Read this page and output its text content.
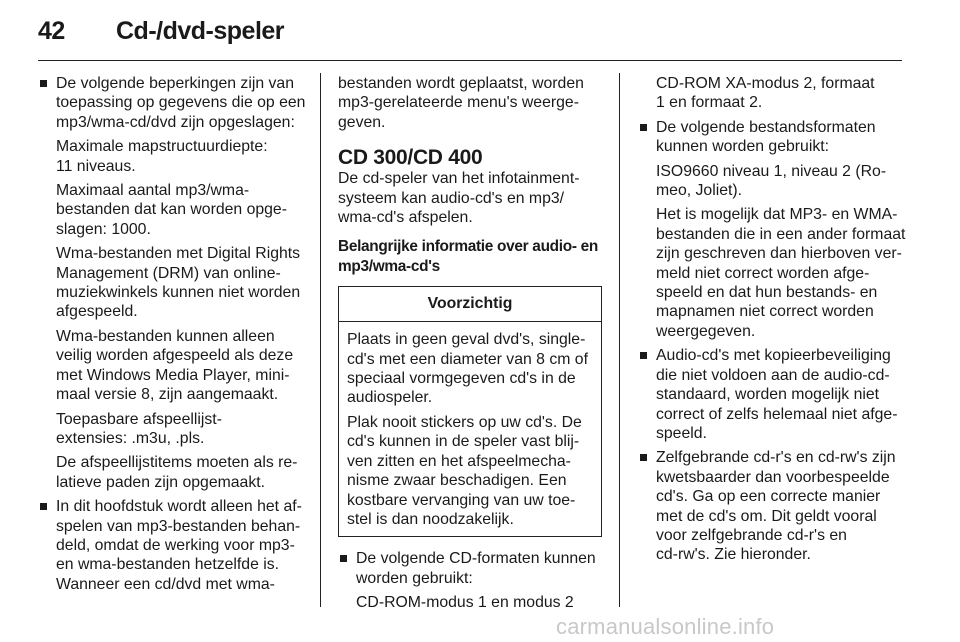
42 Cd-/dvd-speler
De volgende beperkingen zijn van
toepassing op gegevens die op een
mp3/wma-cd/dvd zijn opgeslagen:
Maximale mapstructuurdiepte:
11 niveaus.
Maximaal aantal mp3/wma-
bestanden dat kan worden opge-
slagen: 1000.
Wma-bestanden met Digital Rights
Management (DRM) van online-
muziekwinkels kunnen niet worden
afgespeeld.
Wma-bestanden kunnen alleen
veilig worden afgespeeld als deze
met Windows Media Player, mini-
maal versie 8, zijn aangemaakt.
Toepasbare afspeellijst-
extensies: .m3u, .pls.
De afspeellijstitems moeten als re-
latieve paden zijn opgemaakt.
In dit hoofdstuk wordt alleen het af-
spelen van mp3-bestanden behan-
deld, omdat de werking voor mp3-
en wma-bestanden hetzelfde is.
Wanneer een cd/dvd met wma-
bestanden wordt geplaatst, worden
mp3-gerelateerde menu's weerge-
geven.
CD 300/CD 400
De cd-speler van het infotainment-
systeem kan audio-cd's en mp3/
wma-cd's afspelen.
Belangrijke informatie over audio- en
mp3/wma-cd's
Voorzichtig

Plaats in geen geval dvd's, single-
cd's met een diameter van 8 cm of
speciaal vormgegeven cd's in de
audiospeler.

Plak nooit stickers op uw cd's. De
cd's kunnen in de speler vast blij-
ven zitten en het afspeelmecha-
nisme zwaar beschadigen. Een
kostbare vervanging van uw toe-
stel is dan noodzakelijk.

De volgende CD-formaten kunnen
worden gebruikt:
CD-ROM-modus 1 en modus 2
CD-ROM XA-modus 2, formaat
1 en formaat 2.
De volgende bestandsformaten
kunnen worden gebruikt:
ISO9660 niveau 1, niveau 2 (Ro-
meo, Joliet).
Het is mogelijk dat MP3- en WMA-
bestanden die in een ander formaat
zijn geschreven dan hierboven ver-
meld niet correct worden afge-
speeld en dat hun bestands- en
mapnamen niet correct worden
weergegeven.
Audio-cd's met kopieerbeveiliging
die niet voldoen aan de audio-cd-
standaard, worden mogelijk niet
correct of zelfs helemaal niet afge-
speeld.
Zelfgebrande cd-r's en cd-rw's zijn
kwetsbaarder dan voorbespeelde
cd's. Ga op een correcte manier
met de cd's om. Dit geldt vooral
voor zelfgebrande cd-r's en
cd-rw's. Zie hieronder.
carmanualsonline.info
